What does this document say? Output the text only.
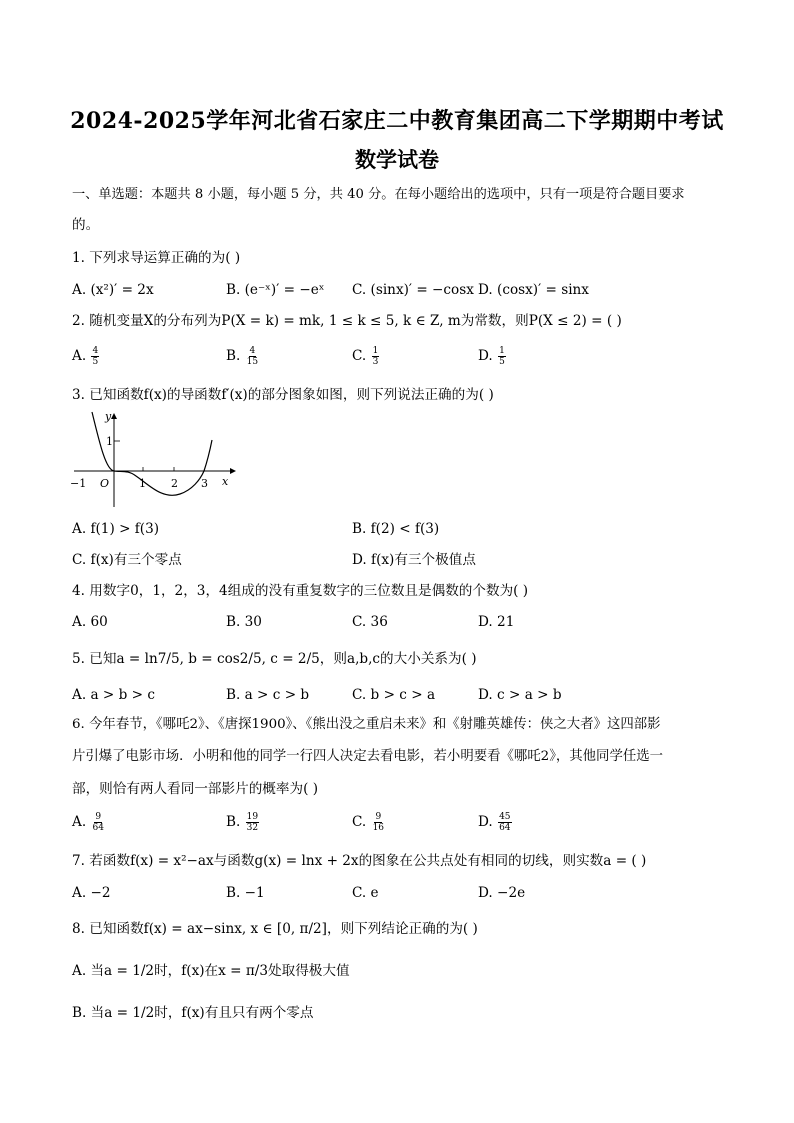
2024-2025学年河北省石家庄二中教育集团高二下学期期中考试
数学试卷
一、单选题：本题共 8 小题，每小题 5 分，共 40 分。在每小题给出的选项中，只有一项是符合题目要求
的。
1. 下列求导运算正确的为( )
A. (x²)′ = 2x	B. (e⁻ˣ)′ = −eˣ C. (sinx)′ = −cosx D. (cosx)′ = sinx
2. 随机变量X的分布列为P(X = k) = mk, 1 ≤ k ≤ 5, k ∈ Z, m为常数，则P(X ≤ 2) = ( )
A. $\frac{4}{5}$	B. $\frac{4}{15}$	C. $\frac{1}{3}$	D. $\frac{1}{5}$
3. 已知函数f(x)的导函数f′(x)的部分图象如图，则下列说法正确的为( )
y
1
−1 O	1 2 3 x
A. f(1) > f(3)	B. f(2) < f(3)
C. f(x)有三个零点	D. f(x)有三个极值点
4. 用数字0，1，2，3，4组成的没有重复数字的三位数且是偶数的个数为( )
A. 60	B. 30	C. 36	D. 21
5. 已知a = ln7/5, b = cos2/5, c = 2/5，则a,b,c的大小关系为( )
A. a > b > c	B. a > c > b	C. b > c > a	D. c > a > b
6. 今年春节，《哪吒2》、《唐探1900》、《熊出没之重启未来》和《射雕英雄传：侠之大者》这四部影
片引爆了电影市场．小明和他的同学一行四人决定去看电影，若小明要看《哪吒2》，其他同学任选一
部，则恰有两人看同一部影片的概率为( )
A. $\frac{9}{64}$	B. $\frac{19}{32}$	C. $\frac{9}{16}$	D. $\frac{45}{64}$
7. 若函数f(x) = x²−ax与函数g(x) = lnx + 2x的图象在公共点处有相同的切线，则实数a = ( )
A. −2	B. −1	C. e	D. −2e
8. 已知函数f(x) = ax−sinx, x ∈ [0, π/2]，则下列结论正确的为( )
A. 当a = 1/2时，f(x)在x = π/3处取得极大值
B. 当a = 1/2时，f(x)有且只有两个零点
